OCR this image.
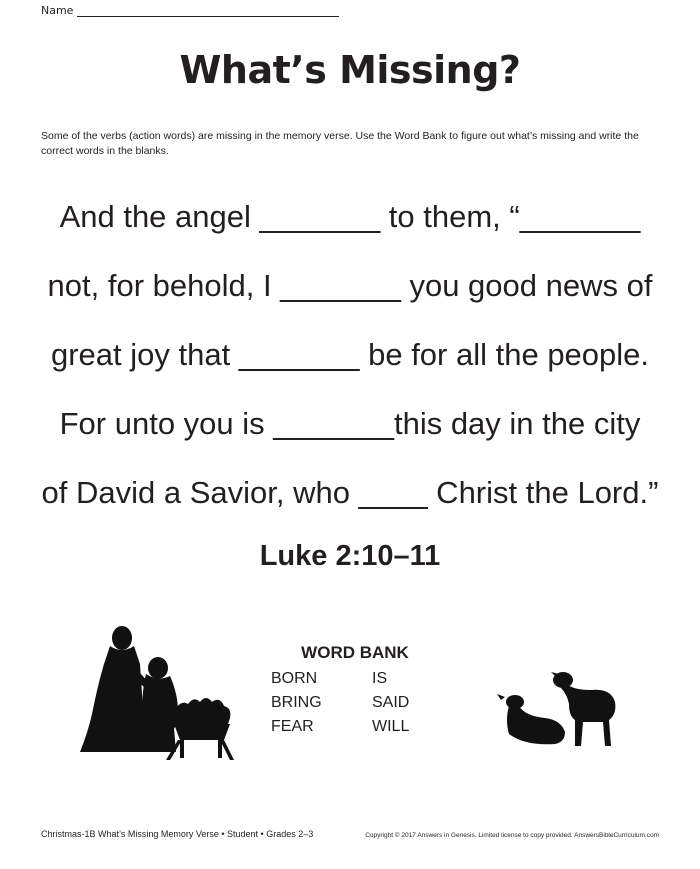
Name
What’s Missing?
Some of the verbs (action words) are missing in the memory verse. Use the Word Bank to figure out what’s missing and write the correct words in the blanks.
And the angel _______ to them, “_______
not, for behold, I _______ you good news of
great joy that _______ be for all the people.
For unto you is _______this day in the city
of David a Savior, who ____ Christ the Lord.”
Luke 2:10–11
WORD BANK
BORN	IS
BRING	SAID
FEAR	WILL
Christmas-1B What’s Missing Memory Verse • Student • Grades 2–3	Copyright © 2017 Answers in Genesis. Limited license to copy provided. AnswersBibleCurriculum.com
